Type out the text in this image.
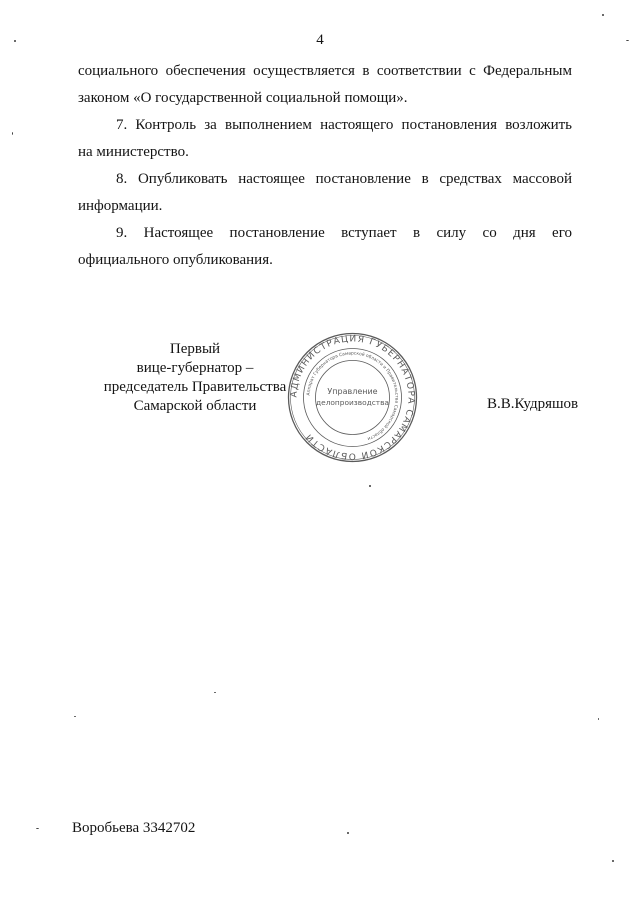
4
социального обеспечения осуществляется в соответствии с Федеральным
законом «О государственной социальной помощи».
7. Контроль за выполнением настоящего постановления возложить
на министерство.
8. Опубликовать настоящее постановление в средствах массовой
информации.
9. Настоящее постановление вступает в силу со дня его
официального опубликования.
Первый
вице-губернатор –
председатель Правительства
Самарской области
АДМИНИСТРАЦИЯ ГУБЕРНАТОРА САМАРСКОЙ ОБЛАСТИ
Аппарат Губернатора Самарской области и Правительства Самарской области
Управление
делопроизводства	В.В.Кудряшов
Воробьева 3342702
